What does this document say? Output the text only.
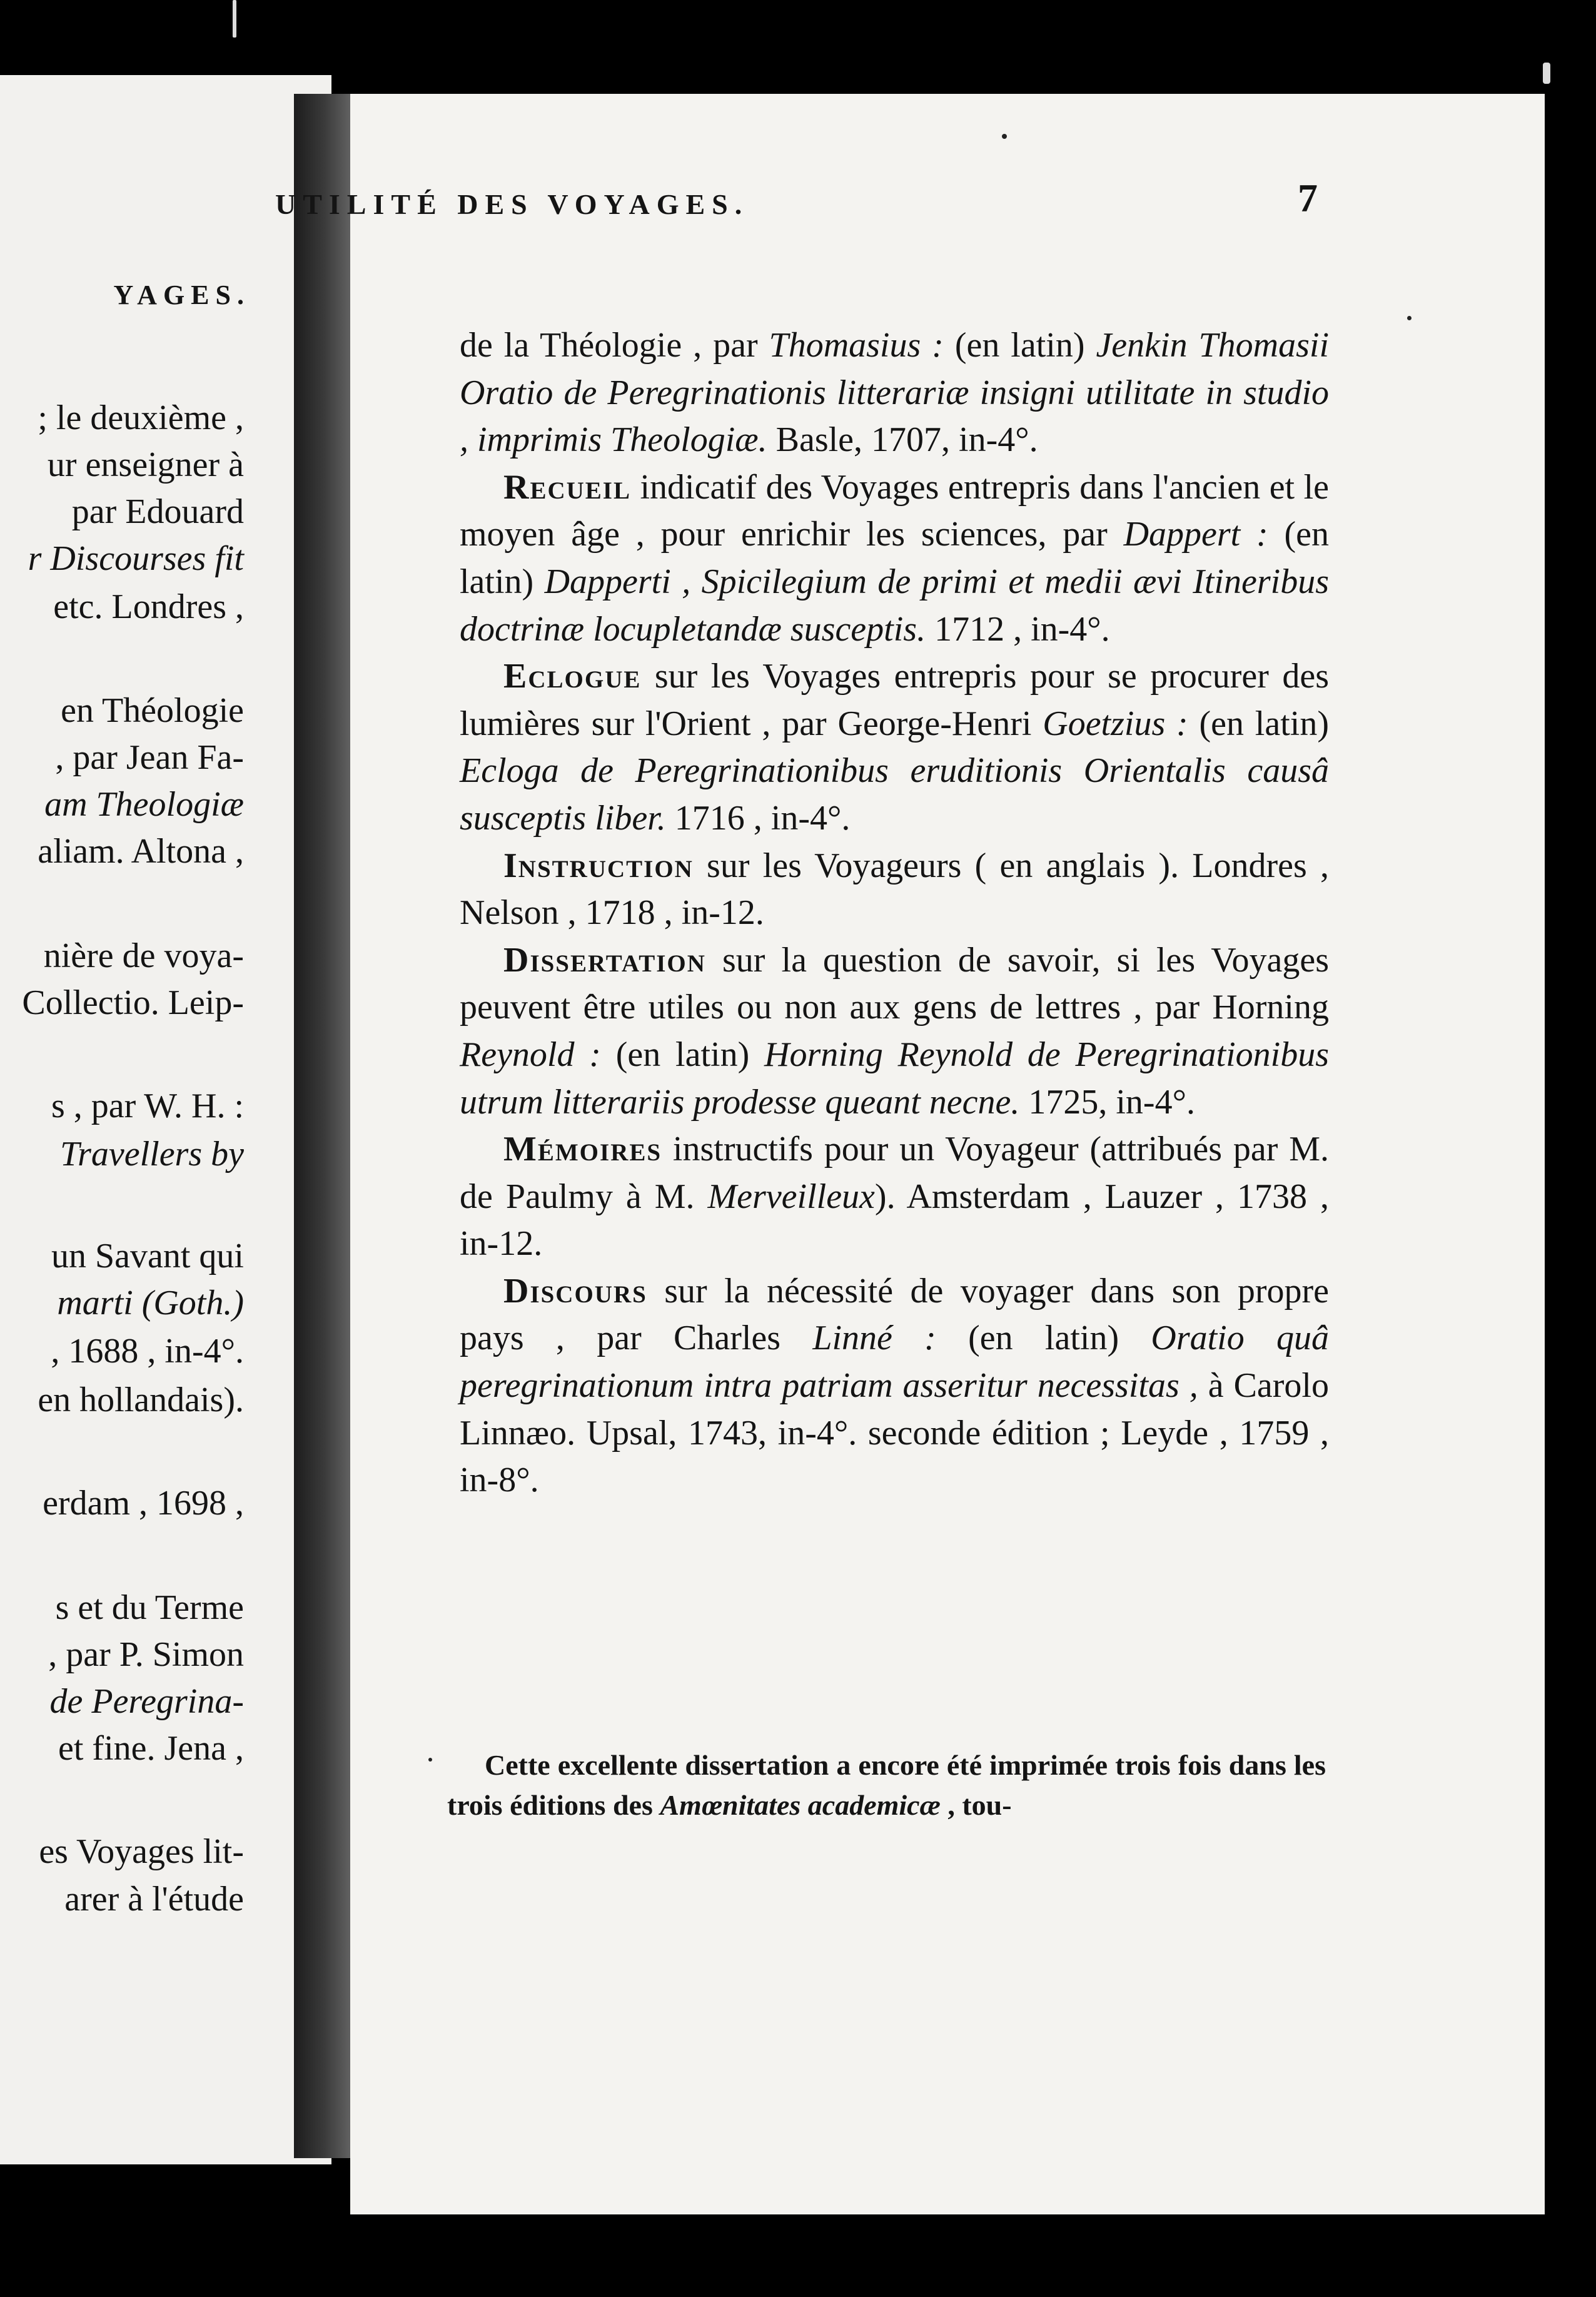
YAGES.
; le deuxième ,
ur enseigner à
par Edouard
r Discourses fit
etc. Londres ,
en Théologie
, par Jean Fa-
am Theologiæ
aliam. Altona ,
nière de voya-
Collectio. Leip-
s , par W. H. :
Travellers by
un Savant qui
marti (Goth.)
, 1688 , in-4°.
en hollandais).
erdam , 1698 ,
s et du Terme
, par P. Simon
de Peregrina-
et fine. Jena ,
es Voyages lit-
arer à l'étude
UTILITÉ DES VOYAGES.	7

de la Théologie , par Thomasius : (en latin) Jenkin Thomasii Oratio de Peregrinationis litterariæ insigni utilitate in studio , imprimis Theologiæ. Basle, 1707, in-4°.

Recueil indicatif des Voyages entrepris dans l'ancien et le moyen âge , pour enrichir les sciences, par Dappert : (en latin) Dapperti , Spicilegium de primi et medii ævi Itineribus doctrinæ locupletandæ susceptis. 1712 , in-4°.

Eclogue sur les Voyages entrepris pour se procurer des lumières sur l'Orient , par George-Henri Goetzius : (en latin) Ecloga de Peregrinationibus eruditionis Orientalis causâ susceptis liber. 1716 , in-4°.

Instruction sur les Voyageurs ( en anglais ). Londres , Nelson , 1718 , in-12.

Dissertation sur la question de savoir, si les Voyages peuvent être utiles ou non aux gens de lettres , par Horning Reynold : (en latin) Horning Reynold de Peregrinationibus utrum litterariis prodesse queant necne. 1725, in-4°.

Mémoires instructifs pour un Voyageur (attribués par M. de Paulmy à M. Merveilleux). Amsterdam , Lauzer , 1738 , in-12.

Discours sur la nécessité de voyager dans son propre pays , par Charles Linné : (en latin) Oratio quâ peregrinationum intra patriam asseritur necessitas , à Carolo Linnæo. Upsal, 1743, in-4°. seconde édition ; Leyde , 1759 , in-8°.

Cette excellente dissertation a encore été imprimée trois fois dans les trois éditions des Amœnitates academicæ , tou-
